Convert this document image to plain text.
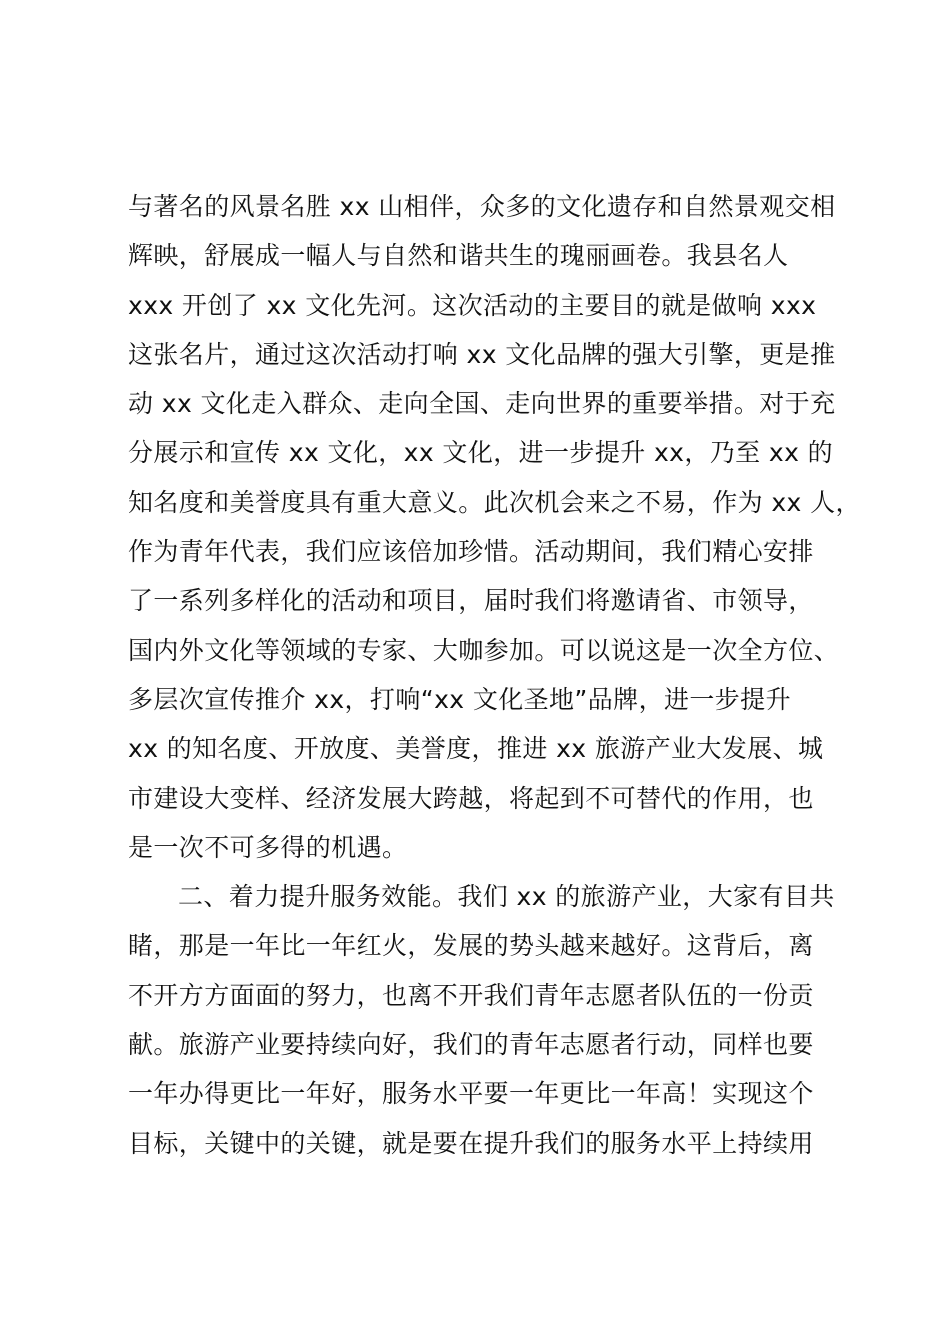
与著名的风景名胜 xx 山相伴，众多的文化遗存和自然景观交相
辉映，舒展成一幅人与自然和谐共生的瑰丽画卷。我县名人
xxx 开创了 xx 文化先河。这次活动的主要目的就是做响 xxx
这张名片，通过这次活动打响 xx 文化品牌的强大引擎，更是推
动 xx 文化走入群众、走向全国、走向世界的重要举措。对于充
分展示和宣传 xx 文化，xx 文化，进一步提升 xx，乃至 xx 的
知名度和美誉度具有重大意义。此次机会来之不易，作为 xx 人，
作为青年代表，我们应该倍加珍惜。活动期间，我们精心安排
了一系列多样化的活动和项目，届时我们将邀请省、市领导，
国内外文化等领域的专家、大咖参加。可以说这是一次全方位、
多层次宣传推介 xx，打响“xx 文化圣地”品牌，进一步提升
xx 的知名度、开放度、美誉度，推进 xx 旅游产业大发展、城
市建设大变样、经济发展大跨越，将起到不可替代的作用，也
是一次不可多得的机遇。
二、着力提升服务效能。我们 xx 的旅游产业，大家有目共
睹，那是一年比一年红火，发展的势头越来越好。这背后，离
不开方方面面的努力，也离不开我们青年志愿者队伍的一份贡
献。旅游产业要持续向好，我们的青年志愿者行动，同样也要
一年办得更比一年好，服务水平要一年更比一年高！实现这个
目标，关键中的关键，就是要在提升我们的服务水平上持续用
